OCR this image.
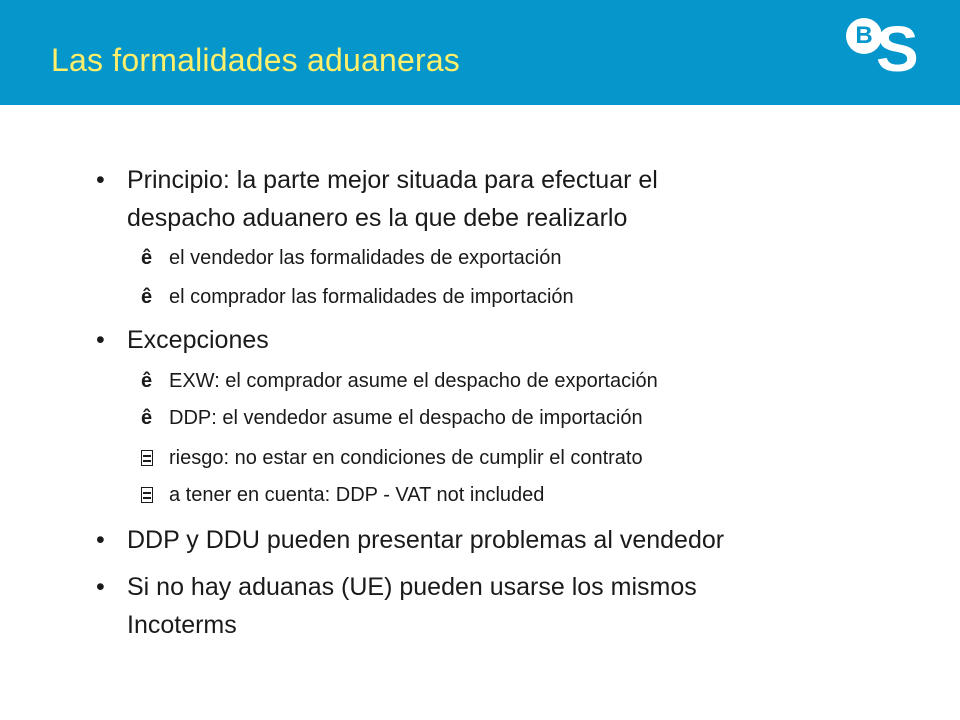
Las formalidades aduaneras
B S
• Principio: la parte mejor situada para efectuar el
despacho aduanero es la que debe realizarlo
ê el vendedor las formalidades de exportación
ê el comprador las formalidades de importación
• Excepciones
ê EXW: el comprador asume el despacho de exportación
ê DDP: el vendedor asume el despacho de importación
riesgo: no estar en condiciones de cumplir el contrato
a tener en cuenta: DDP - VAT not included
• DDP y DDU pueden presentar problemas al vendedor
• Si no hay aduanas (UE) pueden usarse los mismos
Incoterms
